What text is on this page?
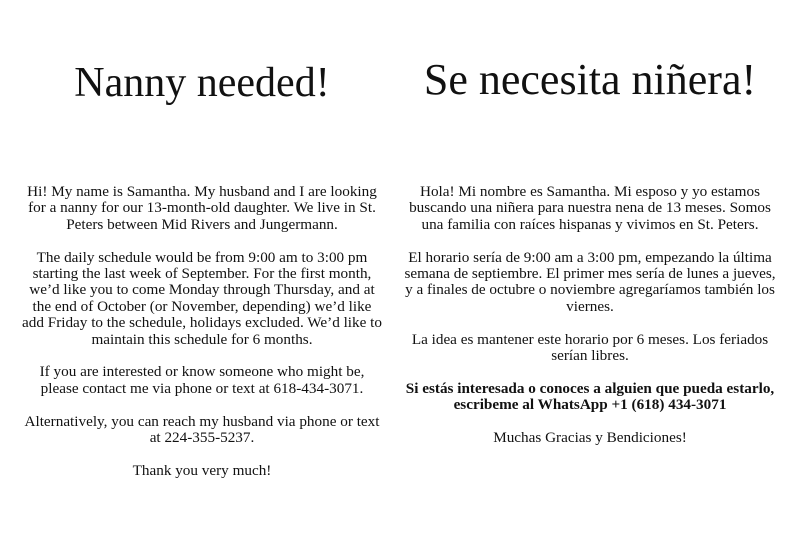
Nanny needed!

Hi! My name is Samantha. My husband and I are looking for a nanny for our 13-month-old daughter. We live in St. Peters between Mid Rivers and Jungermann.

The daily schedule would be from 9:00 am to 3:00 pm starting the last week of September. For the first month, we’d like you to come Monday through Thursday, and at the end of October (or November, depending) we’d like add Friday to the schedule, holidays excluded. We’d like to maintain this schedule for 6 months.

If you are interested or know someone who might be, please contact me via phone or text at 618-434-3071.

Alternatively, you can reach my husband via phone or text at 224-355-5237.

Thank you very much!

Se necesita niñera!

Hola! Mi nombre es Samantha. Mi esposo y yo estamos buscando una niñera para nuestra nena de 13 meses. Somos una familia con raíces hispanas y vivimos en St. Peters.

El horario sería de 9:00 am a 3:00 pm, empezando la última semana de septiembre. El primer mes sería de lunes a jueves, y a finales de octubre o noviembre agregaríamos también los viernes.

La idea es mantener este horario por 6 meses. Los feriados serían libres.

Si estás interesada o conoces a alguien que pueda estarlo, escribeme al WhatsApp +1 (618) 434-3071

Muchas Gracias y Bendiciones!
